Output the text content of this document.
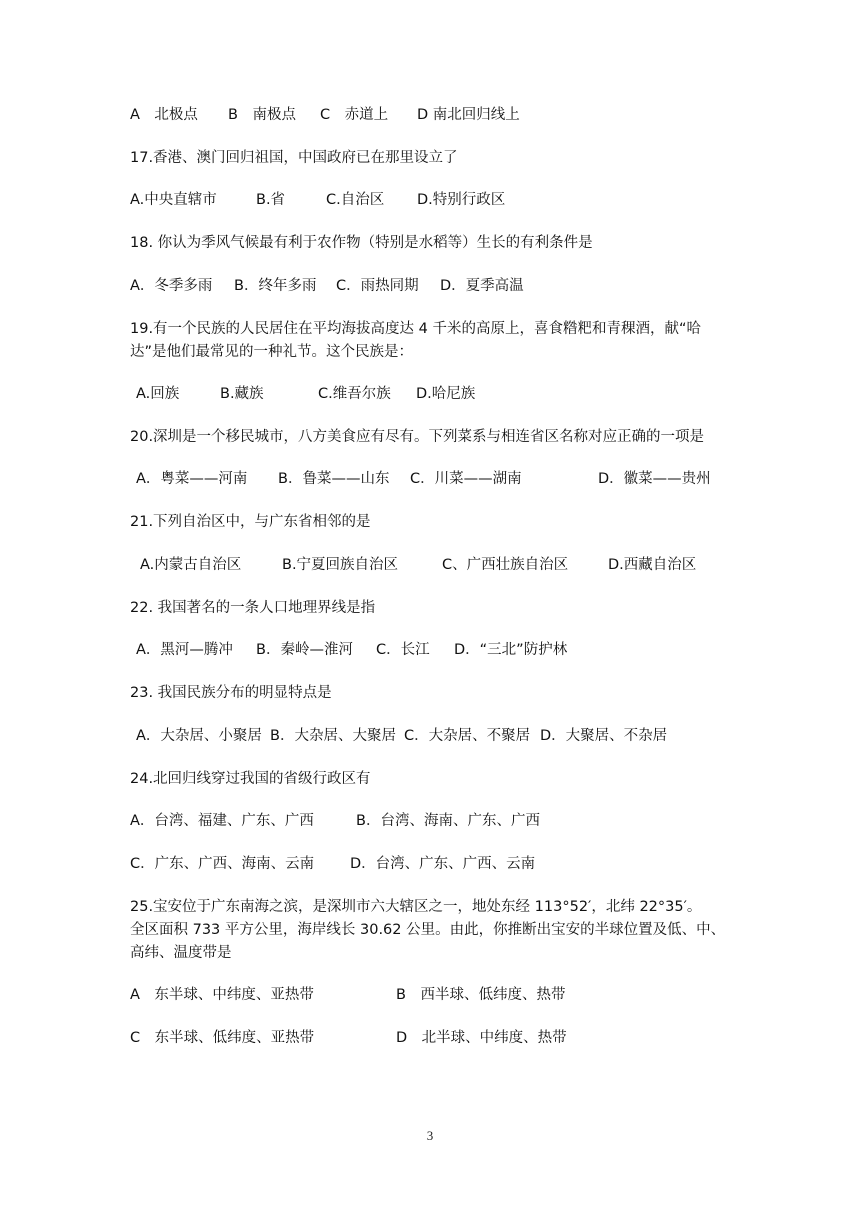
A　北极点

B　南极点

C　赤道上

D 南北回归线上

17.香港、澳门回归祖国，中国政府已在那里设立了

A.中央直辖市

	B.省

	C.自治区

D.特别行政区

18. 你认为季风气候最有利于农作物（特别是水稻等）生长的有利条件是

A．冬季多雨

B．终年多雨

C．雨热同期

D．夏季高温

19.有一个民族的人民居住在平均海拔高度达 4 千米的高原上，喜食糌粑和青稞酒，献“哈
达”是他们最常见的一种礼节。这个民族是：

A.回族

	B.藏族

	C.维吾尔族

D.哈尼族

20.深圳是一个移民城市，八方美食应有尽有。下列菜系与相连省区名称对应正确的一项是

A．粤菜——河南

B．鲁菜——山东

C．川菜——湖南

	D．徽菜——贵州

21.下列自治区中，与广东省相邻的是

A.内蒙古自治区

	B.宁夏回族自治区

	C、广西壮族自治区

	D.西藏自治区

22. 我国著名的一条人口地理界线是指

A．黑河—腾冲

B．秦岭—淮河

C．长江

D．“三北”防护林

23. 我国民族分布的明显特点是

A．大杂居、小聚居

B．大杂居、大聚居

C．大杂居、不聚居

D．大聚居、不杂居

24.北回归线穿过我国的省级行政区有

A．台湾、福建、广东、广西

	B．台湾、海南、广东、广西

C．广东、广西、海南、云南

D．台湾、广东、广西、云南

25.宝安位于广东南海之滨，是深圳市六大辖区之一，地处东经 113°52′，北纬 22°35′。
全区面积 733 平方公里，海岸线长 30.62 公里。由此，你推断出宝安的半球位置及低、中、
高纬、温度带是

A　东半球、中纬度、亚热带

	B　西半球、低纬度、热带

C　东半球、低纬度、亚热带

	D　北半球、中纬度、热带

3
